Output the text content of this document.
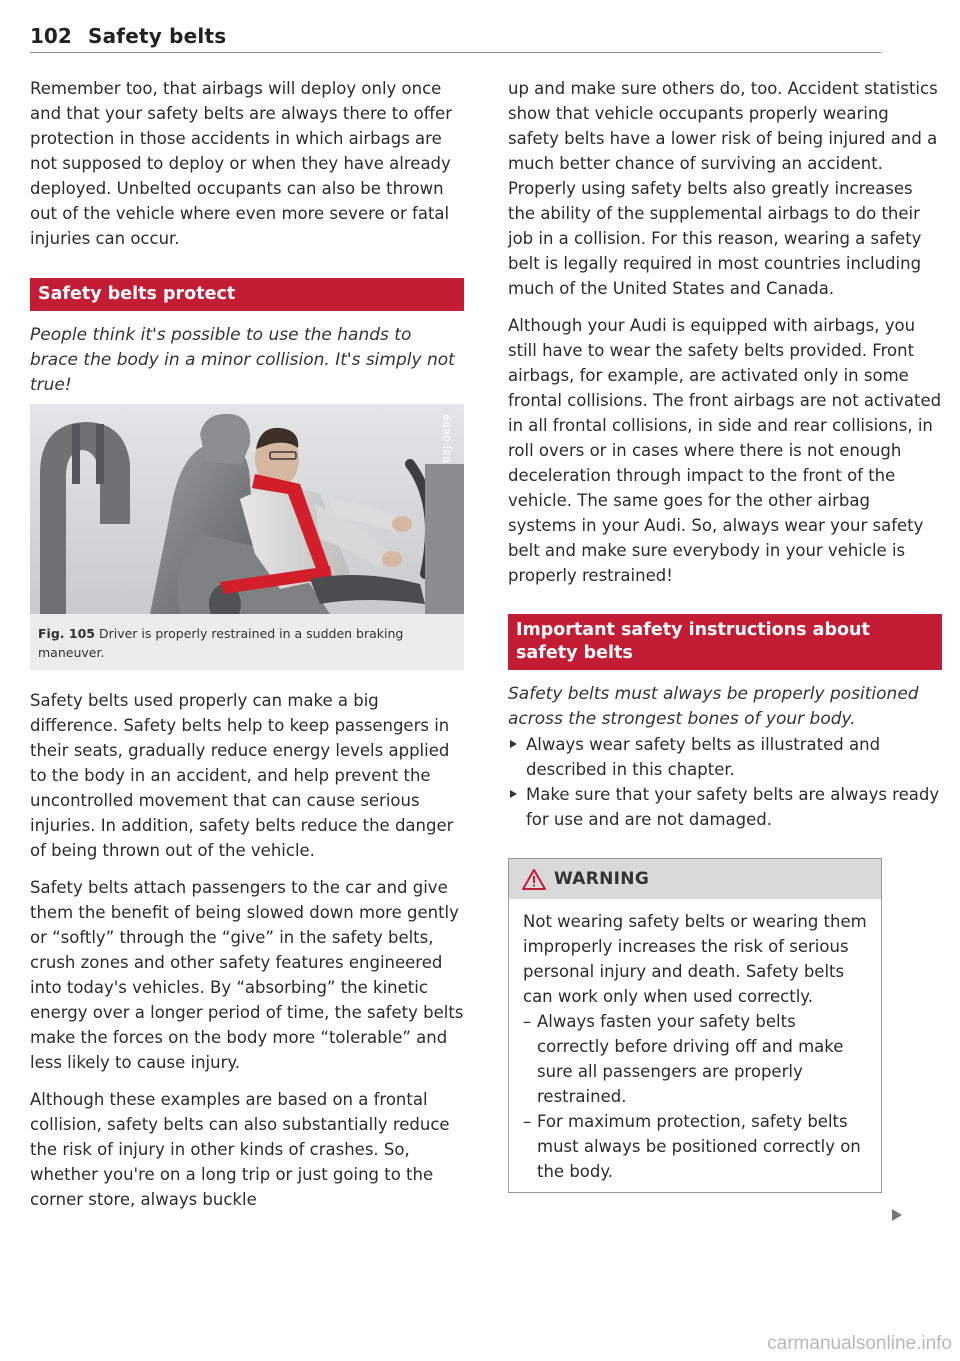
102 Safety belts

Remember too, that airbags will deploy only once and that your safety belts are always there to offer protection in those accidents in which airbags are not supposed to deploy or when they have already deployed. Unbelted occupants can also be thrown out of the vehicle where even more severe or fatal injuries can occur.

Safety belts protect

People think it's possible to use the hands to brace the body in a minor collision. It's simply not true!

B8J-0699
Fig. 105 Driver is properly restrained in a sudden braking maneuver.

Safety belts used properly can make a big difference. Safety belts help to keep passengers in their seats, gradually reduce energy levels applied to the body in an accident, and help prevent the uncontrolled movement that can cause serious injuries. In addition, safety belts reduce the danger of being thrown out of the vehicle.

Safety belts attach passengers to the car and give them the benefit of being slowed down more gently or “softly” through the “give” in the safety belts, crush zones and other safety features engineered into today's vehicles. By “absorbing” the kinetic energy over a longer period of time, the safety belts make the forces on the body more “tolerable” and less likely to cause injury.

Although these examples are based on a frontal collision, safety belts can also substantially reduce the risk of injury in other kinds of crashes. So, whether you're on a long trip or just going to the corner store, always buckle

up and make sure others do, too. Accident statistics show that vehicle occupants properly wearing safety belts have a lower risk of being injured and a much better chance of surviving an accident. Properly using safety belts also greatly increases the ability of the supplemental airbags to do their job in a collision. For this reason, wearing a safety belt is legally required in most countries including much of the United States and Canada.

Although your Audi is equipped with airbags, you still have to wear the safety belts provided. Front airbags, for example, are activated only in some frontal collisions. The front airbags are not activated in all frontal collisions, in side and rear collisions, in roll overs or in cases where there is not enough deceleration through impact to the front of the vehicle. The same goes for the other airbag systems in your Audi. So, always wear your safety belt and make sure everybody in your vehicle is properly restrained!

Important safety instructions about safety belts

Safety belts must always be properly positioned across the strongest bones of your body.

Always wear safety belts as illustrated and described in this chapter.
Make sure that your safety belts are always ready for use and are not damaged.
WARNING

Not wearing safety belts or wearing them improperly increases the risk of serious personal injury and death. Safety belts can work only when used correctly.

– Always fasten your safety belts correctly before driving off and make sure all passengers are properly restrained.
– For maximum protection, safety belts must always be positioned correctly on the body.
carmanualsonline.info
